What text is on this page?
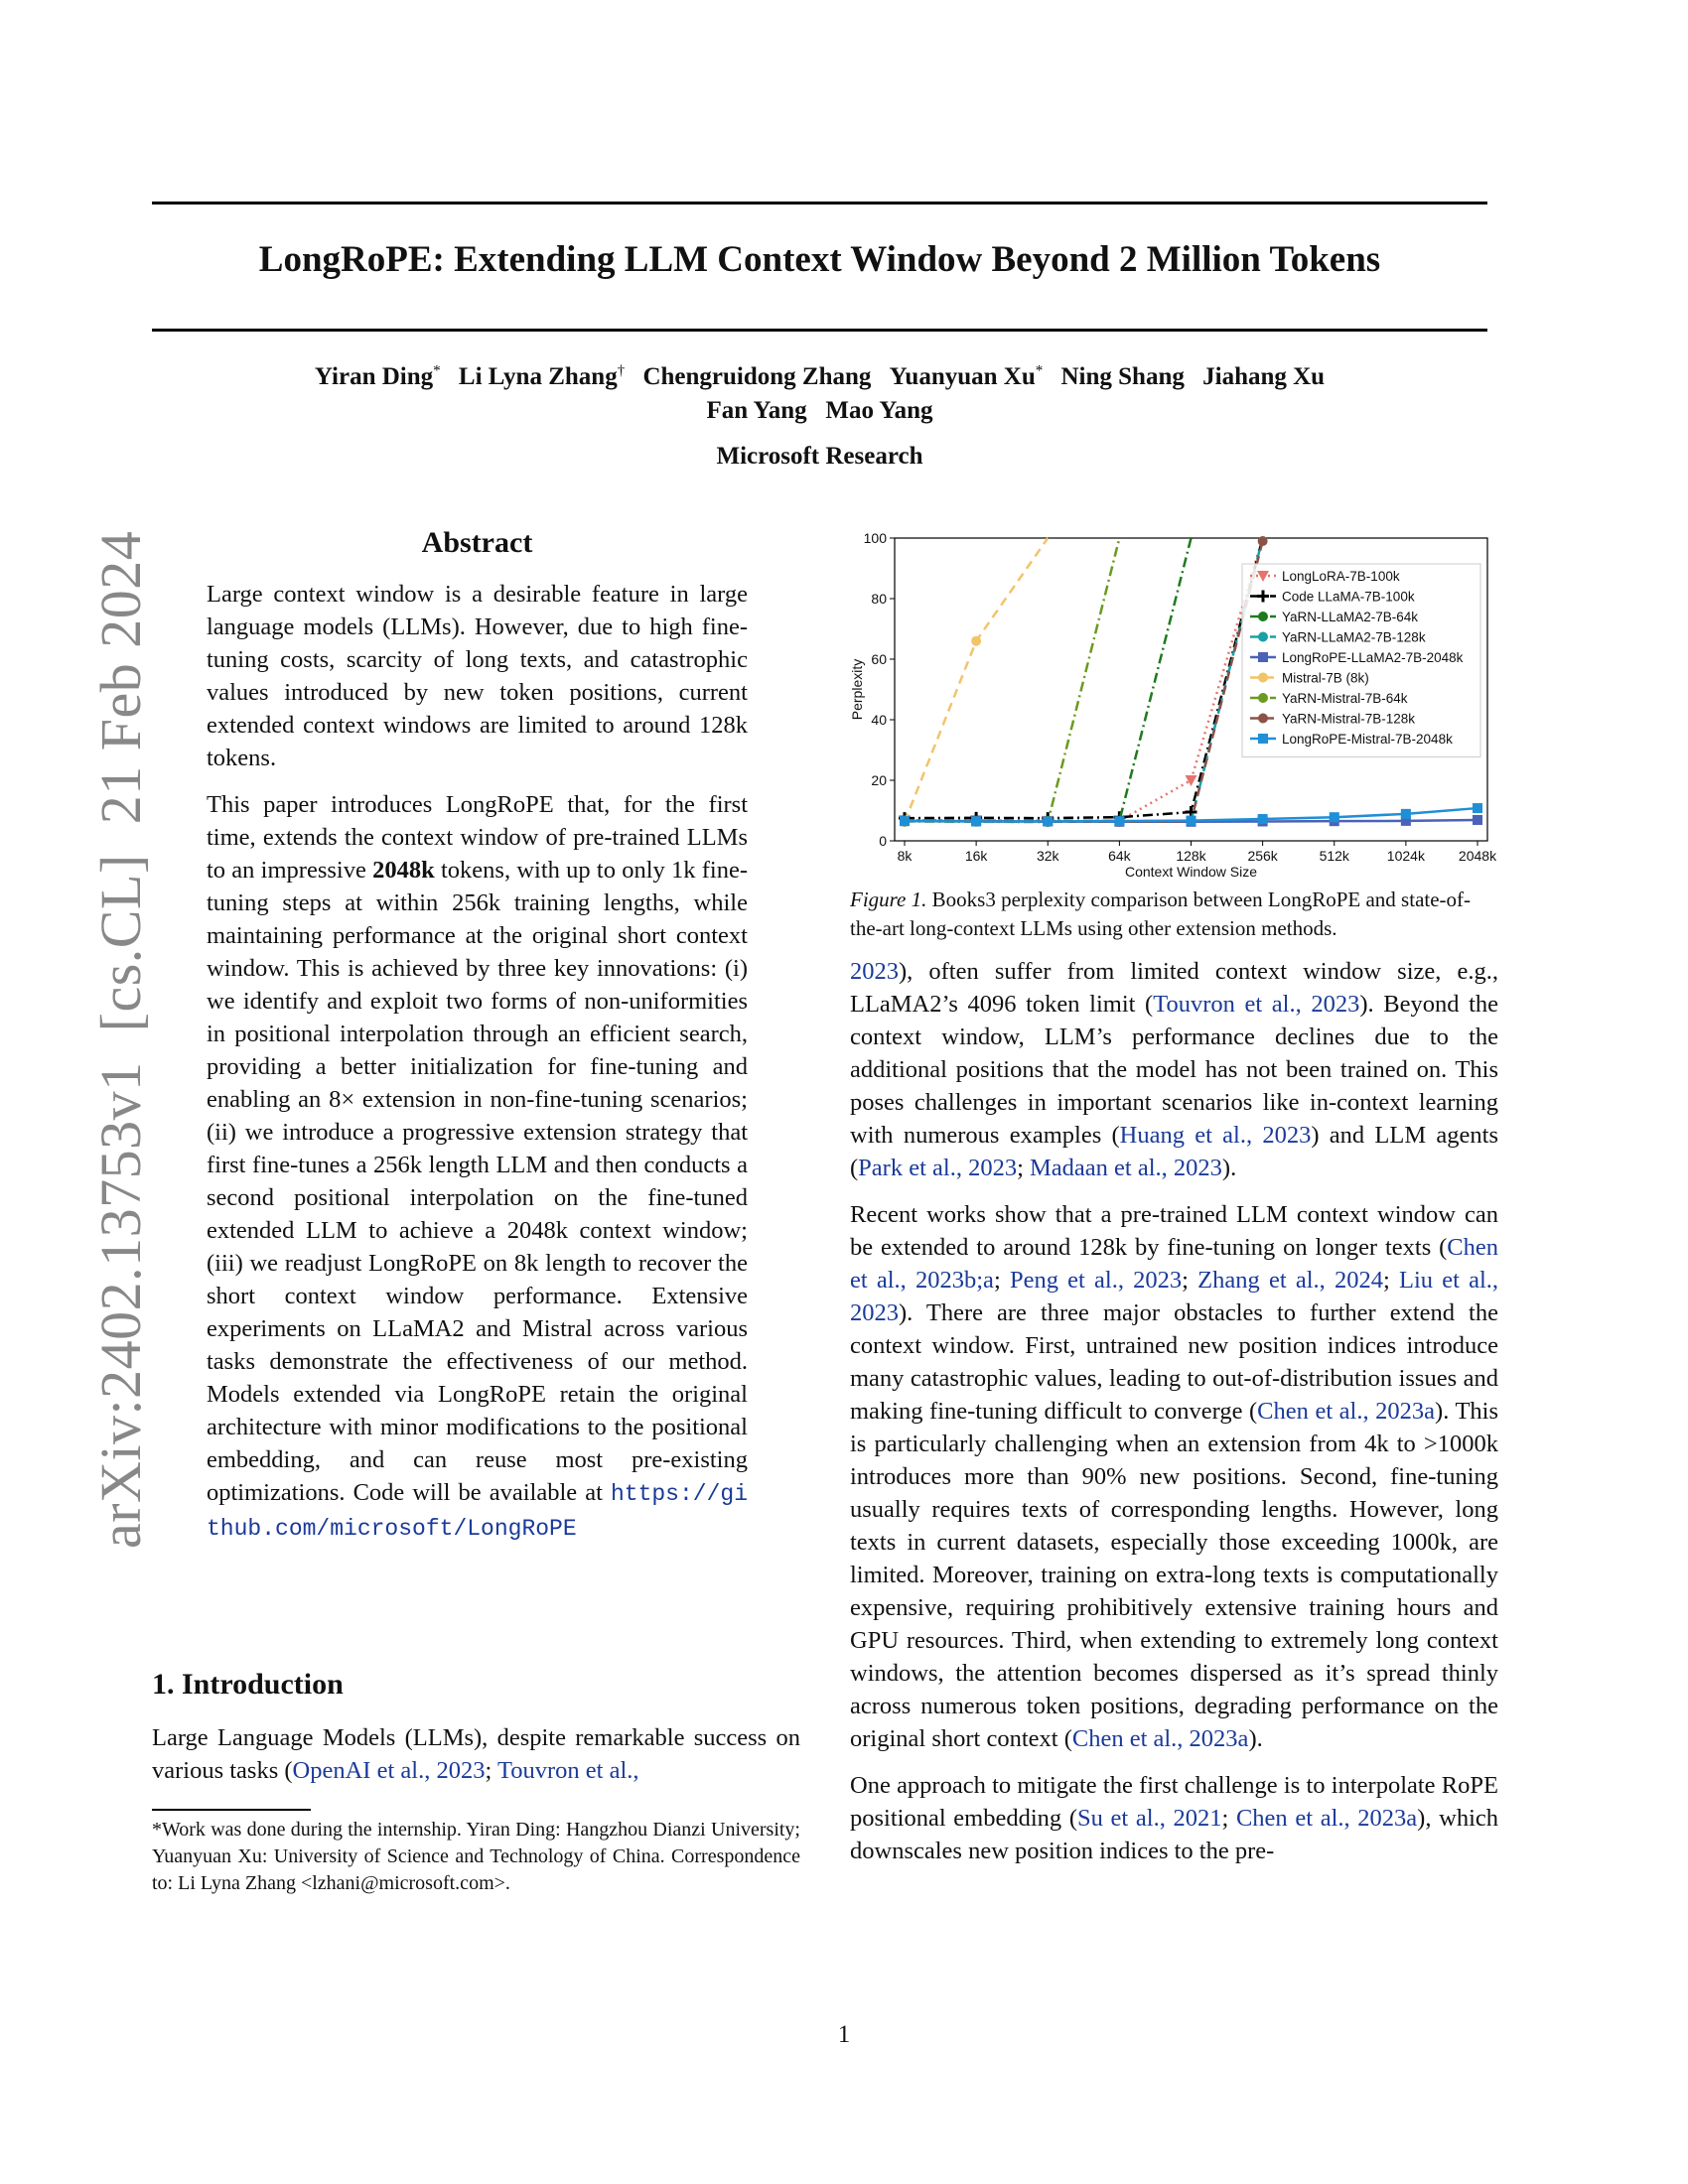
LongRoPE: Extending LLM Context Window Beyond 2 Million Tokens
Yiran Ding* Li Lyna Zhang† Chengruidong Zhang Yuanyuan Xu* Ning Shang Jiahang Xu
Fan Yang   Mao Yang
Microsoft Research
arXiv:2402.13753v1  [cs.CL]  21 Feb 2024	Abstract

Large context window is a desirable feature in large language models (LLMs). However, due to high fine-tuning costs, scarcity of long texts, and catastrophic values introduced by new token positions, current extended context windows are limited to around 128k tokens.

This paper introduces LongRoPE that, for the first time, extends the context window of pre-trained LLMs to an impressive 2048k tokens, with up to only 1k fine-tuning steps at within 256k training lengths, while maintaining performance at the original short context window. This is achieved by three key innovations: (i) we identify and exploit two forms of non-uniformities in positional interpolation through an efficient search, providing a better initialization for fine-tuning and enabling an 8× extension in non-fine-tuning scenarios; (ii) we introduce a progressive extension strategy that first fine-tunes a 256k length LLM and then conducts a second positional interpolation on the fine-tuned extended LLM to achieve a 2048k context window; (iii) we readjust LongRoPE on 8k length to recover the short context window performance. Extensive experiments on LLaMA2 and Mistral across various tasks demonstrate the effectiveness of our method. Models extended via LongRoPE retain the original architecture with minor modifications to the positional embedding, and can reuse most pre-existing optimizations. Code will be available at https://github.com/microsoft/LongRoPE

1. Introduction

Large Language Models (LLMs), despite remarkable success on various tasks (OpenAI et al., 2023; Touvron et al.,

*Work was done during the internship. Yiran Ding: Hangzhou Dianzi University; Yuanyuan Xu: University of Science and Technology of China. Correspondence to: Li Lyna Zhang <lzhani@microsoft.com>.
0
20
40
60
80
100
8k	16k	32k	64k	128k	256k	512k	1024k 2048k
Context Window Size
Perplexity
LongLoRA-7B-100k
Code LLaMA-7B-100k
YaRN-LLaMA2-7B-64k
YaRN-LLaMA2-7B-128k
LongRoPE-LLaMA2-7B-2048k
Mistral-7B (8k)
YaRN-Mistral-7B-64k
YaRN-Mistral-7B-128k
LongRoPE-Mistral-7B-2048k
Figure 1. Books3 perplexity comparison between LongRoPE and state-of-the-art long-context LLMs using other extension methods.

2023), often suffer from limited context window size, e.g., LLaMA2’s 4096 token limit (Touvron et al., 2023). Beyond the context window, LLM’s performance declines due to the additional positions that the model has not been trained on. This poses challenges in important scenarios like in-context learning with numerous examples (Huang et al., 2023) and LLM agents (Park et al., 2023; Madaan et al., 2023).

Recent works show that a pre-trained LLM context window can be extended to around 128k by fine-tuning on longer texts (Chen et al., 2023b;a; Peng et al., 2023; Zhang et al., 2024; Liu et al., 2023). There are three major obstacles to further extend the context window. First, untrained new position indices introduce many catastrophic values, leading to out-of-distribution issues and making fine-tuning difficult to converge (Chen et al., 2023a). This is particularly challenging when an extension from 4k to >1000k introduces more than 90% new positions. Second, fine-tuning usually requires texts of corresponding lengths. However, long texts in current datasets, especially those exceeding 1000k, are limited. Moreover, training on extra-long texts is computationally expensive, requiring prohibitively extensive training hours and GPU resources. Third, when extending to extremely long context windows, the attention becomes dispersed as it’s spread thinly across numerous token positions, degrading performance on the original short context (Chen et al., 2023a).

One approach to mitigate the first challenge is to interpolate RoPE positional embedding (Su et al., 2021; Chen et al., 2023a), which downscales new position indices to the pre-

1
